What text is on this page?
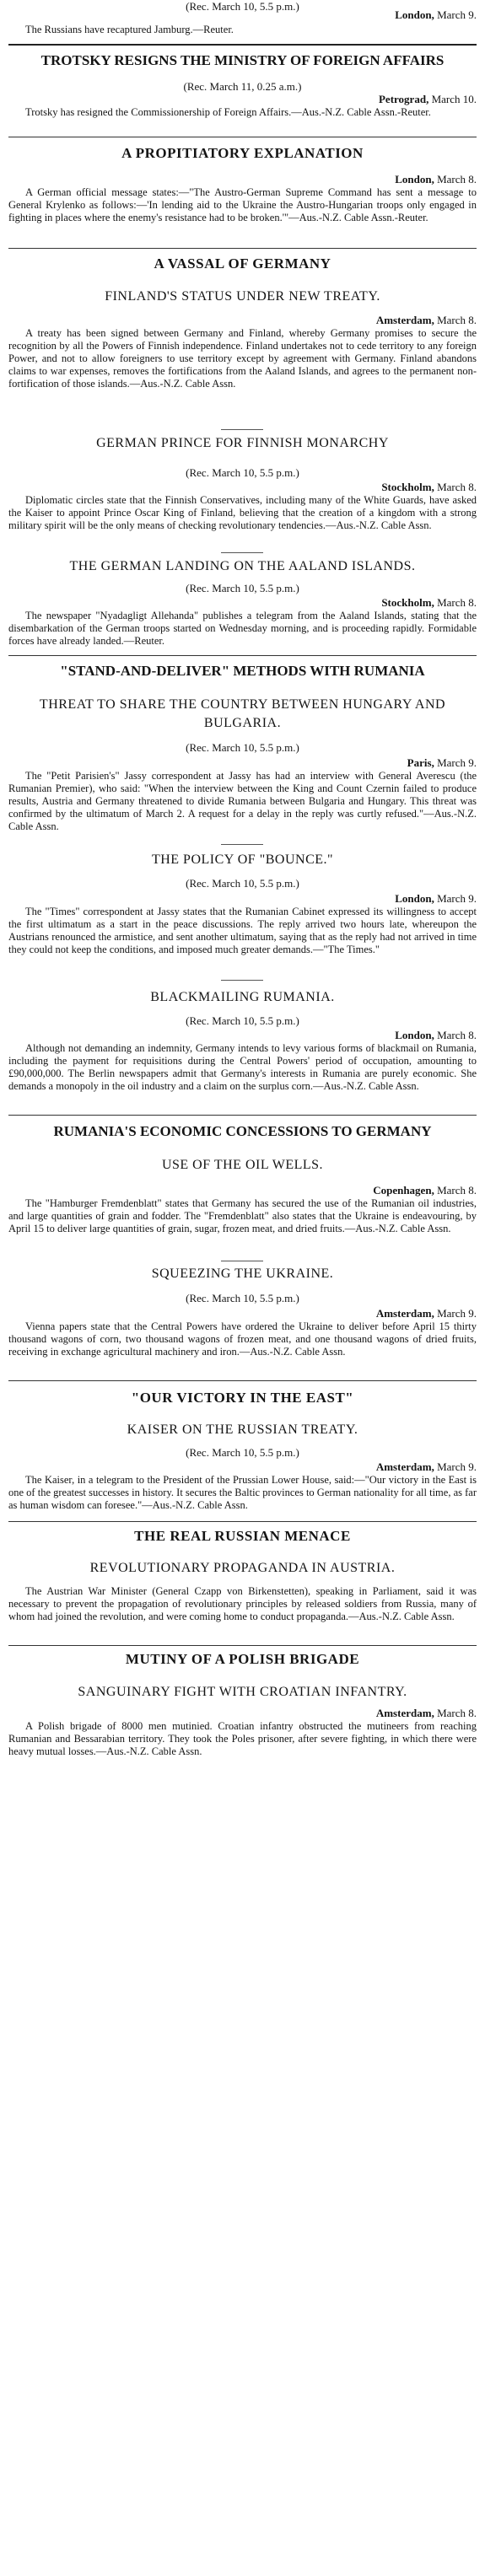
(Rec. March 10, 5.5 p.m.)
London, March 9.
The Russians have recaptured Jamburg.—Reuter.
TROTSKY RESIGNS THE MINISTRY OF FOREIGN AFFAIRS
(Rec. March 11, 0.25 a.m.)
Petrograd, March 10.
Trotsky has resigned the Commissionership of Foreign Affairs.—Aus.-N.Z. Cable Assn.-Reuter.
A PROPITIATORY EXPLANATION
London, March 8.
A German official message states:—"The Austro-German Supreme Command has sent a message to General Krylenko as follows:—'In lending aid to the Ukraine the Austro-Hungarian troops only engaged in fighting in places where the enemy's resistance had to be broken.'"—Aus.-N.Z. Cable Assn.-Reuter.
A VASSAL OF GERMANY
FINLAND'S STATUS UNDER NEW TREATY.
Amsterdam, March 8.
A treaty has been signed between Germany and Finland, whereby Germany promises to secure the recognition by all the Powers of Finnish independence. Finland undertakes not to cede territory to any foreign Power, and not to allow foreigners to use territory except by agreement with Germany. Finland abandons claims to war expenses, removes the fortifications from the Aaland Islands, and agrees to the permanent non-fortification of those islands.—Aus.-N.Z. Cable Assn.
GERMAN PRINCE FOR FINNISH MONARCHY
(Rec. March 10, 5.5 p.m.)
Stockholm, March 8.
Diplomatic circles state that the Finnish Conservatives, including many of the White Guards, have asked the Kaiser to appoint Prince Oscar King of Finland, believing that the creation of a kingdom with a strong military spirit will be the only means of checking revolutionary tendencies.—Aus.-N.Z. Cable Assn.
THE GERMAN LANDING ON THE AALAND ISLANDS.
(Rec. March 10, 5.5 p.m.)
Stockholm, March 8.
The newspaper "Nyadagligt Allehanda" publishes a telegram from the Aaland Islands, stating that the disembarkation of the German troops started on Wednesday morning, and is proceeding rapidly. Formidable forces have already landed.—Reuter.
"STAND-AND-DELIVER" METHODS WITH RUMANIA
THREAT TO SHARE THE COUNTRY BETWEEN HUNGARY AND
BULGARIA.
(Rec. March 10, 5.5 p.m.)
Paris, March 9.
The "Petit Parisien's" Jassy correspondent at Jassy has had an interview with General Averescu (the Rumanian Premier), who said: "When the interview between the King and Count Czernin failed to produce results, Austria and Germany threatened to divide Rumania between Bulgaria and Hungary. This threat was confirmed by the ultimatum of March 2. A request for a delay in the reply was curtly refused."—Aus.-N.Z. Cable Assn.
THE POLICY OF "BOUNCE."
(Rec. March 10, 5.5 p.m.)
London, March 9.
The "Times" correspondent at Jassy states that the Rumanian Cabinet expressed its willingness to accept the first ultimatum as a start in the peace discussions. The reply arrived two hours late, whereupon the Austrians renounced the armistice, and sent another ultimatum, saying that as the reply had not arrived in time they could not keep the conditions, and imposed much greater demands.—"The Times."
BLACKMAILING RUMANIA.
(Rec. March 10, 5.5 p.m.)
London, March 8.
Although not demanding an indemnity, Germany intends to levy various forms of blackmail on Rumania, including the payment for requisitions during the Central Powers' period of occupation, amounting to £90,000,000. The Berlin newspapers admit that Germany's interests in Rumania are purely economic. She demands a monopoly in the oil industry and a claim on the surplus corn.—Aus.-N.Z. Cable Assn.
RUMANIA'S ECONOMIC CONCESSIONS TO GERMANY
USE OF THE OIL WELLS.
Copenhagen, March 8.
The "Hamburger Fremdenblatt" states that Germany has secured the use of the Rumanian oil industries, and large quantities of grain and fodder. The "Fremdenblatt" also states that the Ukraine is endeavouring, by April 15 to deliver large quantities of grain, sugar, frozen meat, and dried fruits.—Aus.-N.Z. Cable Assn.
SQUEEZING THE UKRAINE.
(Rec. March 10, 5.5 p.m.)
Amsterdam, March 9.
Vienna papers state that the Central Powers have ordered the Ukraine to deliver before April 15 thirty thousand wagons of corn, two thousand wagons of frozen meat, and one thousand wagons of dried fruits, receiving in exchange agricultural machinery and iron.—Aus.-N.Z. Cable Assn.
"OUR VICTORY IN THE EAST"
KAISER ON THE RUSSIAN TREATY.
(Rec. March 10, 5.5 p.m.)
Amsterdam, March 9.
The Kaiser, in a telegram to the President of the Prussian Lower House, said:—"Our victory in the East is one of the greatest successes in history. It secures the Baltic provinces to German nationality for all time, as far as human wisdom can foresee."—Aus.-N.Z. Cable Assn.
THE REAL RUSSIAN MENACE
REVOLUTIONARY PROPAGANDA IN AUSTRIA.
The Austrian War Minister (General Czapp von Birkenstetten), speaking in Parliament, said it was necessary to prevent the propagation of revolutionary principles by released soldiers from Russia, many of whom had joined the revolution, and were coming home to conduct propaganda.—Aus.-N.Z. Cable Assn.
MUTINY OF A POLISH BRIGADE
SANGUINARY FIGHT WITH CROATIAN INFANTRY.
Amsterdam, March 8.
A Polish brigade of 8000 men mutinied. Croatian infantry obstructed the mutineers from reaching Rumanian and Bessarabian territory. They took the Poles prisoner, after severe fighting, in which there were heavy mutual losses.—Aus.-N.Z. Cable Assn.
